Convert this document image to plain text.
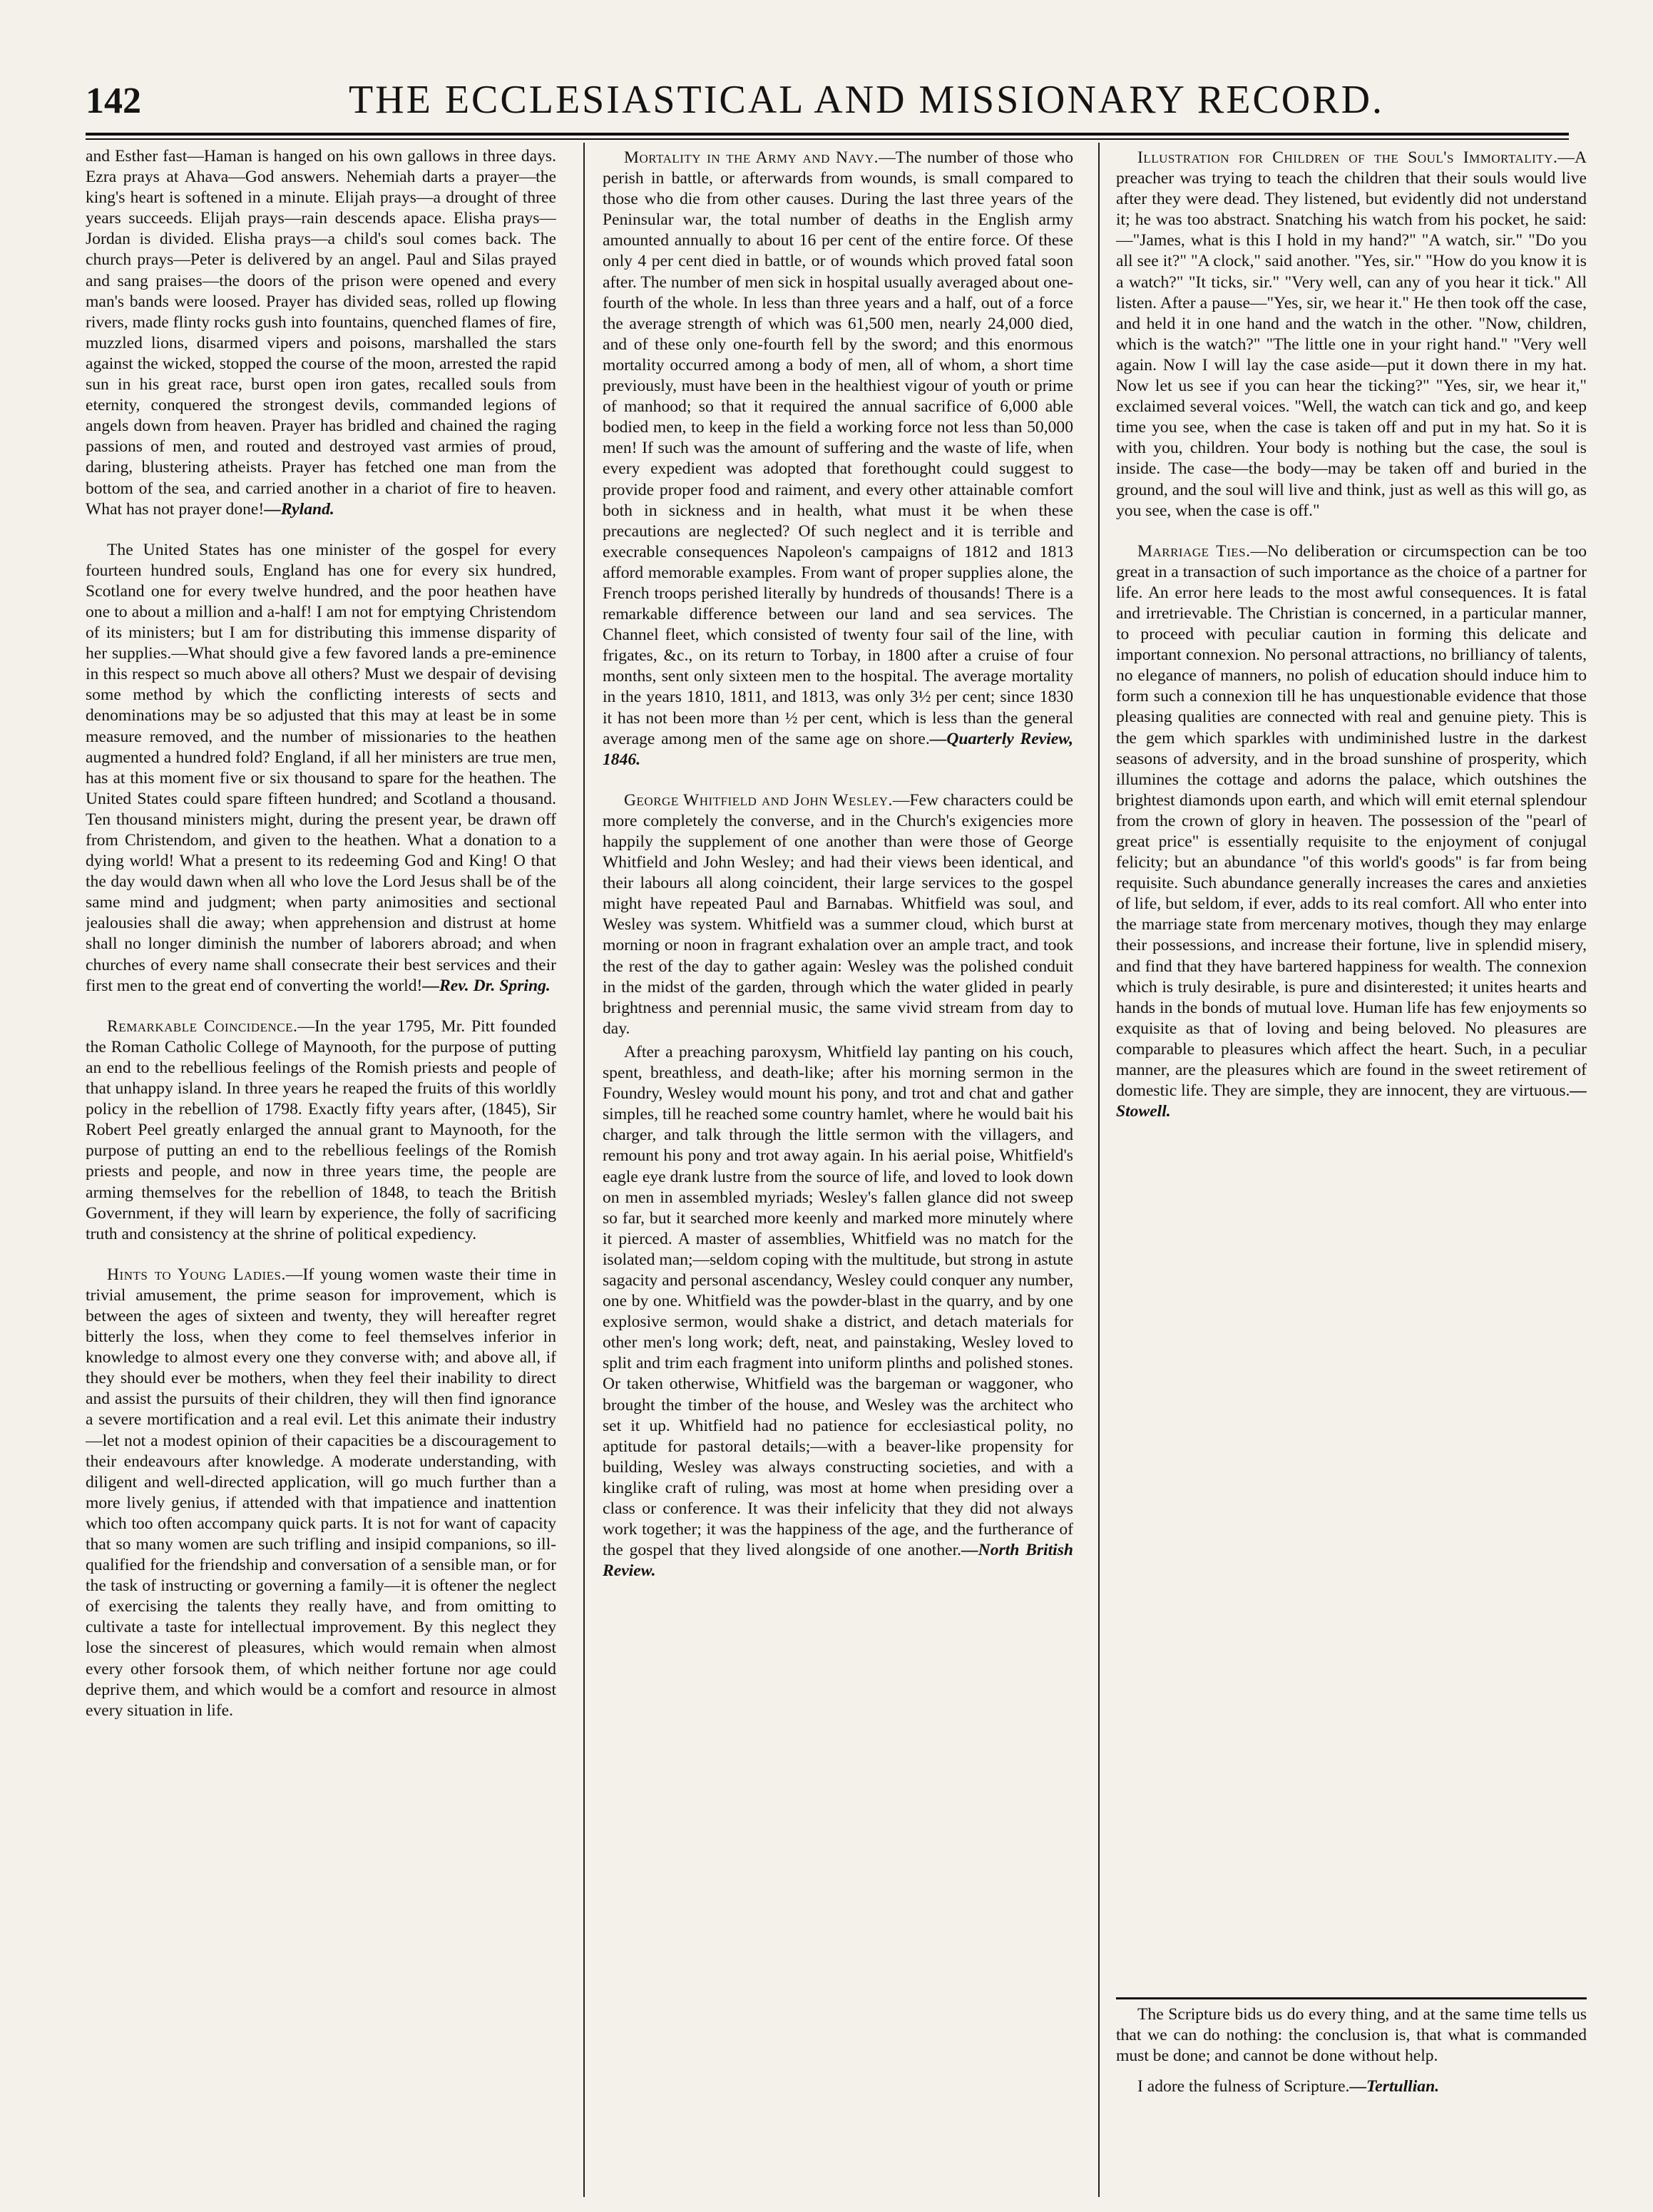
142	THE ECCLESIASTICAL AND MISSIONARY RECORD.

and Esther fast—Haman is hanged on his own gallows in three days. Ezra prays at Ahava—God answers. Nehemiah darts a prayer—the king's heart is softened in a minute. Elijah prays—a drought of three years succeeds. Elijah prays—rain descends apace. Elisha prays—Jordan is divided. Elisha prays—a child's soul comes back. The church prays—Peter is delivered by an angel. Paul and Silas prayed and sang praises—the doors of the prison were opened and every man's bands were loosed. Prayer has divided seas, rolled up flowing rivers, made flinty rocks gush into fountains, quenched flames of fire, muzzled lions, disarmed vipers and poisons, marshalled the stars against the wicked, stopped the course of the moon, arrested the rapid sun in his great race, burst open iron gates, recalled souls from eternity, conquered the strongest devils, commanded legions of angels down from heaven. Prayer has bridled and chained the raging passions of men, and routed and destroyed vast armies of proud, daring, blustering atheists. Prayer has fetched one man from the bottom of the sea, and carried another in a chariot of fire to heaven. What has not prayer done!—Ryland.

The United States has one minister of the gospel for every fourteen hundred souls, England has one for every six hundred, Scotland one for every twelve hundred, and the poor heathen have one to about a million and a-half! I am not for emptying Christendom of its ministers; but I am for distributing this immense disparity of her supplies.—What should give a few favored lands a pre-eminence in this respect so much above all others? Must we despair of devising some method by which the conflicting interests of sects and denominations may be so adjusted that this may at least be in some measure removed, and the number of missionaries to the heathen augmented a hundred fold? England, if all her ministers are true men, has at this moment five or six thousand to spare for the heathen. The United States could spare fifteen hundred; and Scotland a thousand. Ten thousand ministers might, during the present year, be drawn off from Christendom, and given to the heathen. What a donation to a dying world! What a present to its redeeming God and King! O that the day would dawn when all who love the Lord Jesus shall be of the same mind and judgment; when party animosities and sectional jealousies shall die away; when apprehension and distrust at home shall no longer diminish the number of laborers abroad; and when churches of every name shall consecrate their best services and their first men to the great end of converting the world!—Rev. Dr. Spring.

Remarkable Coincidence.—In the year 1795, Mr. Pitt founded the Roman Catholic College of Maynooth, for the purpose of putting an end to the rebellious feelings of the Romish priests and people of that unhappy island. In three years he reaped the fruits of this worldly policy in the rebellion of 1798. Exactly fifty years after, (1845), Sir Robert Peel greatly enlarged the annual grant to Maynooth, for the purpose of putting an end to the rebellious feelings of the Romish priests and people, and now in three years time, the people are arming themselves for the rebellion of 1848, to teach the British Government, if they will learn by experience, the folly of sacrificing truth and consistency at the shrine of political expediency.

Hints to Young Ladies.—If young women waste their time in trivial amusement, the prime season for improvement, which is between the ages of sixteen and twenty, they will hereafter regret bitterly the loss, when they come to feel themselves inferior in knowledge to almost every one they converse with; and above all, if they should ever be mothers, when they feel their inability to direct and assist the pursuits of their children, they will then find ignorance a severe mortification and a real evil. Let this animate their industry—let not a modest opinion of their capacities be a discouragement to their endeavours after knowledge. A moderate understanding, with diligent and well-directed application, will go much further than a more lively genius, if attended with that impatience and inattention which too often accompany quick parts. It is not for want of capacity that so many women are such trifling and insipid companions, so ill-qualified for the friendship and conversation of a sensible man, or for the task of instructing or governing a family—it is oftener the neglect of exercising the talents they really have, and from omitting to cultivate a taste for intellectual improvement. By this neglect they lose the sincerest of pleasures, which would remain when almost every other forsook them, of which neither fortune nor age could deprive them, and which would be a comfort and resource in almost every situation in life.

Mortality in the Army and Navy.—The number of those who perish in battle, or afterwards from wounds, is small compared to those who die from other causes. During the last three years of the Peninsular war, the total number of deaths in the English army amounted annually to about 16 per cent of the entire force. Of these only 4 per cent died in battle, or of wounds which proved fatal soon after. The number of men sick in hospital usually averaged about one-fourth of the whole. In less than three years and a half, out of a force the average strength of which was 61,500 men, nearly 24,000 died, and of these only one-fourth fell by the sword; and this enormous mortality occurred among a body of men, all of whom, a short time previously, must have been in the healthiest vigour of youth or prime of manhood; so that it required the annual sacrifice of 6,000 able bodied men, to keep in the field a working force not less than 50,000 men! If such was the amount of suffering and the waste of life, when every expedient was adopted that forethought could suggest to provide proper food and raiment, and every other attainable comfort both in sickness and in health, what must it be when these precautions are neglected? Of such neglect and it is terrible and execrable consequences Napoleon's campaigns of 1812 and 1813 afford memorable examples. From want of proper supplies alone, the French troops perished literally by hundreds of thousands! There is a remarkable difference between our land and sea services. The Channel fleet, which consisted of twenty four sail of the line, with frigates, &c., on its return to Torbay, in 1800 after a cruise of four months, sent only sixteen men to the hospital. The average mortality in the years 1810, 1811, and 1813, was only 3½ per cent; since 1830 it has not been more than ½ per cent, which is less than the general average among men of the same age on shore.—Quarterly Review, 1846.

George Whitfield and John Wesley.—Few characters could be more completely the converse, and in the Church's exigencies more happily the supplement of one another than were those of George Whitfield and John Wesley; and had their views been identical, and their labours all along coincident, their large services to the gospel might have repeated Paul and Barnabas. Whitfield was soul, and Wesley was system. Whitfield was a summer cloud, which burst at morning or noon in fragrant exhalation over an ample tract, and took the rest of the day to gather again: Wesley was the polished conduit in the midst of the garden, through which the water glided in pearly brightness and perennial music, the same vivid stream from day to day.

After a preaching paroxysm, Whitfield lay panting on his couch, spent, breathless, and death-like; after his morning sermon in the Foundry, Wesley would mount his pony, and trot and chat and gather simples, till he reached some country hamlet, where he would bait his charger, and talk through the little sermon with the villagers, and remount his pony and trot away again. In his aerial poise, Whitfield's eagle eye drank lustre from the source of life, and loved to look down on men in assembled myriads; Wesley's fallen glance did not sweep so far, but it searched more keenly and marked more minutely where it pierced. A master of assemblies, Whitfield was no match for the isolated man;—seldom coping with the multitude, but strong in astute sagacity and personal ascendancy, Wesley could conquer any number, one by one. Whitfield was the powder-blast in the quarry, and by one explosive sermon, would shake a district, and detach materials for other men's long work; deft, neat, and painstaking, Wesley loved to split and trim each fragment into uniform plinths and polished stones. Or taken otherwise, Whitfield was the bargeman or waggoner, who brought the timber of the house, and Wesley was the architect who set it up. Whitfield had no patience for ecclesiastical polity, no aptitude for pastoral details;—with a beaver-like propensity for building, Wesley was always constructing societies, and with a kinglike craft of ruling, was most at home when presiding over a class or conference. It was their infelicity that they did not always work together; it was the happiness of the age, and the furtherance of the gospel that they lived alongside of one another.—North British Review.

Illustration for Children of the Soul's Immortality.—A preacher was trying to teach the children that their souls would live after they were dead. They listened, but evidently did not understand it; he was too abstract. Snatching his watch from his pocket, he said:—"James, what is this I hold in my hand?" "A watch, sir." "Do you all see it?" "A clock," said another. "Yes, sir." "How do you know it is a watch?" "It ticks, sir." "Very well, can any of you hear it tick." All listen. After a pause—"Yes, sir, we hear it." He then took off the case, and held it in one hand and the watch in the other. "Now, children, which is the watch?" "The little one in your right hand." "Very well again. Now I will lay the case aside—put it down there in my hat. Now let us see if you can hear the ticking?" "Yes, sir, we hear it," exclaimed several voices. "Well, the watch can tick and go, and keep time you see, when the case is taken off and put in my hat. So it is with you, children. Your body is nothing but the case, the soul is inside. The case—the body—may be taken off and buried in the ground, and the soul will live and think, just as well as this will go, as you see, when the case is off."

Marriage Ties.—No deliberation or circumspection can be too great in a transaction of such importance as the choice of a partner for life. An error here leads to the most awful consequences. It is fatal and irretrievable. The Christian is concerned, in a particular manner, to proceed with peculiar caution in forming this delicate and important connexion. No personal attractions, no brilliancy of talents, no elegance of manners, no polish of education should induce him to form such a connexion till he has unquestionable evidence that those pleasing qualities are connected with real and genuine piety. This is the gem which sparkles with undiminished lustre in the darkest seasons of adversity, and in the broad sunshine of prosperity, which illumines the cottage and adorns the palace, which outshines the brightest diamonds upon earth, and which will emit eternal splendour from the crown of glory in heaven. The possession of the "pearl of great price" is essentially requisite to the enjoyment of conjugal felicity; but an abundance "of this world's goods" is far from being requisite. Such abundance generally increases the cares and anxieties of life, but seldom, if ever, adds to its real comfort. All who enter into the marriage state from mercenary motives, though they may enlarge their possessions, and increase their fortune, live in splendid misery, and find that they have bartered happiness for wealth. The connexion which is truly desirable, is pure and disinterested; it unites hearts and hands in the bonds of mutual love. Human life has few enjoyments so exquisite as that of loving and being beloved. No pleasures are comparable to pleasures which affect the heart. Such, in a peculiar manner, are the pleasures which are found in the sweet retirement of domestic life. They are simple, they are innocent, they are virtuous.—Stowell.

The Scripture bids us do every thing, and at the same time tells us that we can do nothing: the conclusion is, that what is commanded must be done; and cannot be done without help.

I adore the fulness of Scripture.—Tertullian.
